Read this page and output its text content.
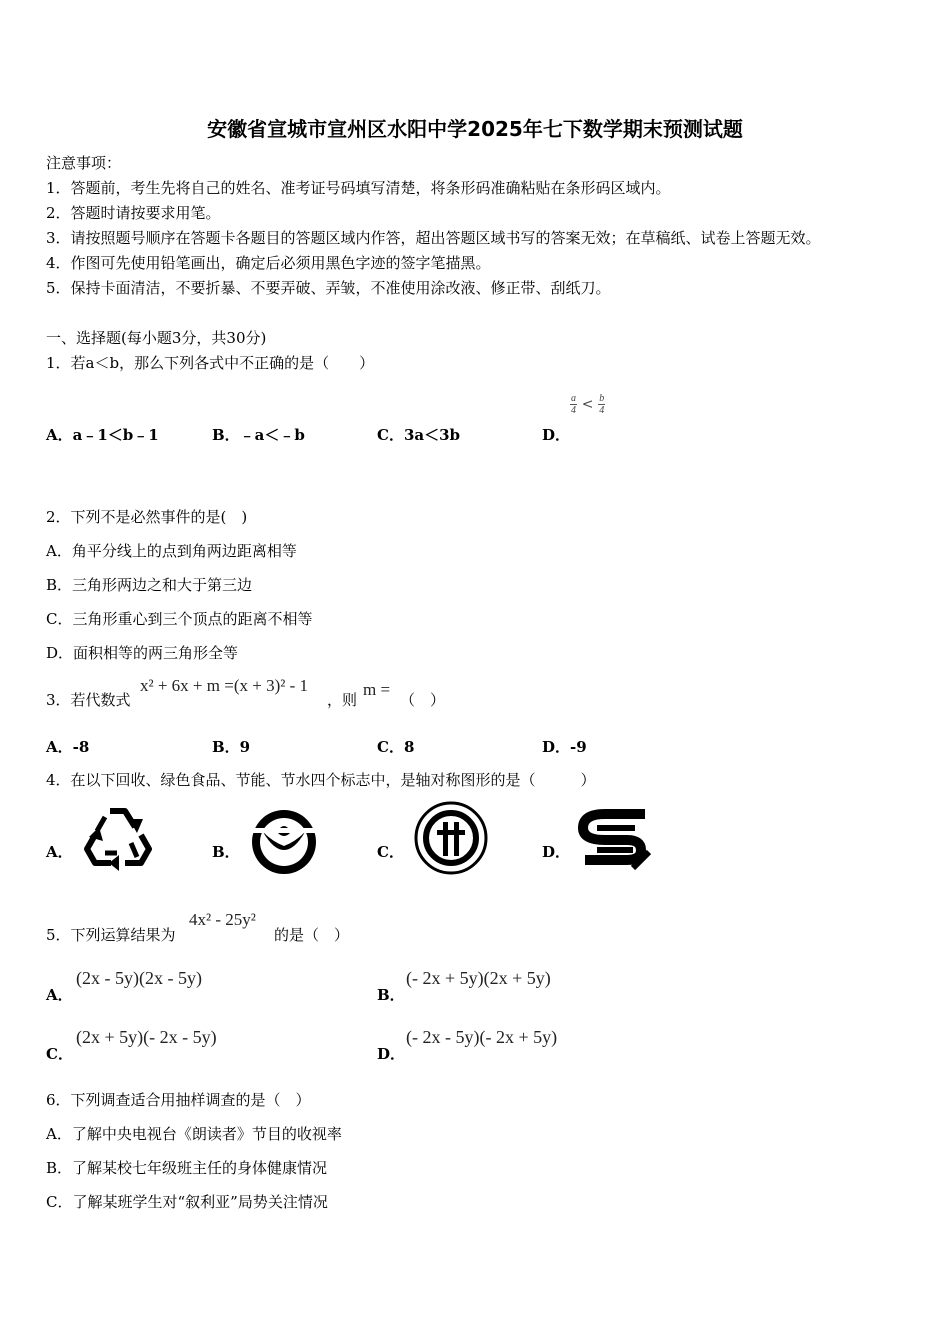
安徽省宣城市宣州区水阳中学2025年七下数学期末预测试题
注意事项：
1．答题前，考生先将自己的姓名、准考证号码填写清楚，将条形码准确粘贴在条形码区域内。
2．答题时请按要求用笔。
3．请按照题号顺序在答题卡各题目的答题区域内作答，超出答题区域书写的答案无效；在草稿纸、试卷上答题无效。
4．作图可先使用铅笔画出，确定后必须用黑色字迹的签字笔描黑。
5．保持卡面清洁，不要折暴、不要弄破、弄皱，不准使用涂改液、修正带、刮纸刀。
一、选择题(每小题3分，共30分)
1．若a＜b，那么下列各式中不正确的是（　　）
A．a﹣1＜b﹣1	B．﹣a＜﹣b	C．3a＜3b	D．
$\frac{a}{4} < \frac{b}{4}$
2．下列不是必然事件的是(　)
A．角平分线上的点到角两边距离相等
B．三角形两边之和大于第三边
C．三角形重心到三个顶点的距离不相等
D．面积相等的两三角形全等
3．若代数式
x² + 6x + m =(x + 3)² - 1
，则
m =
（　）
A．-8	B．9	C．8	D．-9
4．在以下回收、绿色食品、节能、节水四个标志中，是轴对称图形的是（　　　）
A．	B．	C．	D．
5．下列运算结果为
4x² - 25y²
的是（　）
A．
(2x - 5y)(2x - 5y)
B．
(- 2x + 5y)(2x + 5y)
C．
(2x + 5y)(- 2x - 5y)
D．
(- 2x - 5y)(- 2x + 5y)
6．下列调查适合用抽样调查的是（　）
A．了解中央电视台《朗读者》节目的收视率
B．了解某校七年级班主任的身体健康情况
C．了解某班学生对“叙利亚”局势关注情况
